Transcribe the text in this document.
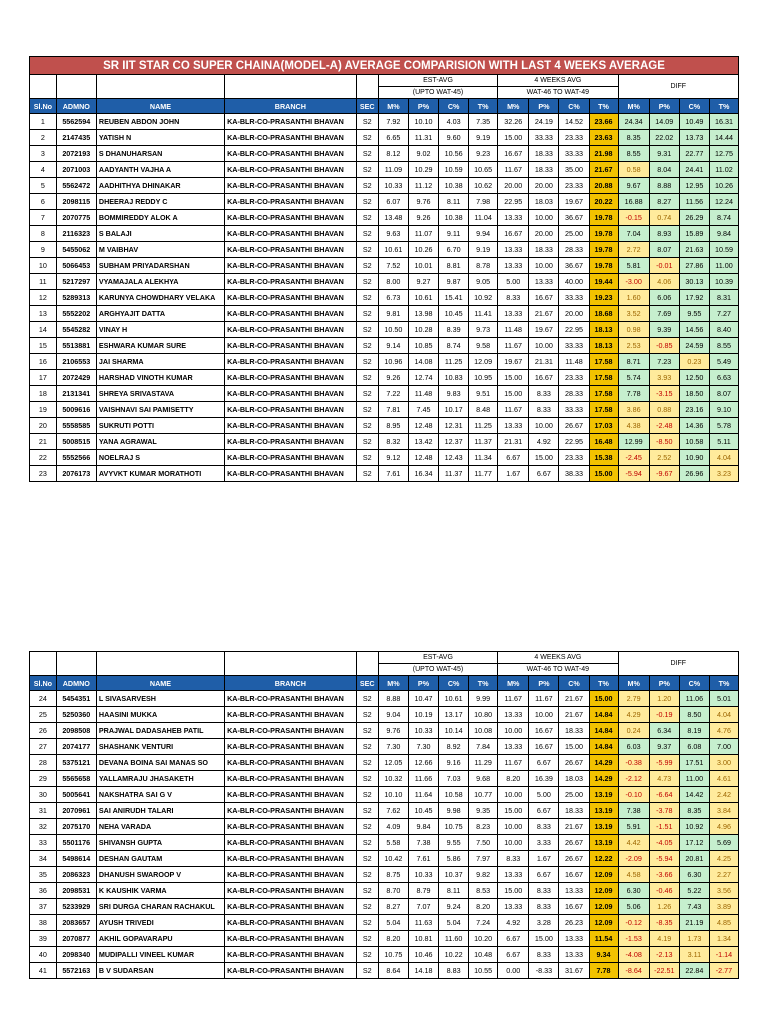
SR IIT STAR CO SUPER CHAINA(MODEL-A) AVERAGE COMPARISION WITH LAST 4 WEEKS AVERAGE
					EST-AVG				4 WEEKS AVG				DIFF			
					(UPTO WAT-45)				WAT-46 TO WAT-49							
Sl.No	ADMNO	NAME	BRANCH	SEC	M%	P%	C%	T%	M%	P%	C%	T%	M%	P%	C%	T%
1	5562594	REUBEN ABDON JOHN	KA-BLR-CO-PRASANTHI BHAVAN	S2	7.92	10.10	4.03	7.35	32.26	24.19	14.52	23.66	24.34	14.09	10.49	16.31
2	2147435	YATISH N	KA-BLR-CO-PRASANTHI BHAVAN	S2	6.65	11.31	9.60	9.19	15.00	33.33	23.33	23.63	8.35	22.02	13.73	14.44
3	2072193	S DHANUHARSAN	KA-BLR-CO-PRASANTHI BHAVAN	S2	8.12	9.02	10.56	9.23	16.67	18.33	33.33	21.98	8.55	9.31	22.77	12.75
4	2071003	AADYANTH VAJHA A	KA-BLR-CO-PRASANTHI BHAVAN	S2	11.09	10.29	10.59	10.65	11.67	18.33	35.00	21.67	0.58	8.04	24.41	11.02
5	5562472	AADHITHYA DHINAKAR	KA-BLR-CO-PRASANTHI BHAVAN	S2	10.33	11.12	10.38	10.62	20.00	20.00	23.33	20.88	9.67	8.88	12.95	10.26
6	2098115	DHEERAJ REDDY C	KA-BLR-CO-PRASANTHI BHAVAN	S2	6.07	9.76	8.11	7.98	22.95	18.03	19.67	20.22	16.88	8.27	11.56	12.24
7	2070775	BOMMIREDDY ALOK A	KA-BLR-CO-PRASANTHI BHAVAN	S2	13.48	9.26	10.38	11.04	13.33	10.00	36.67	19.78	-0.15	0.74	26.29	8.74
8	2116323	S BALAJI	KA-BLR-CO-PRASANTHI BHAVAN	S2	9.63	11.07	9.11	9.94	16.67	20.00	25.00	19.78	7.04	8.93	15.89	9.84
9	5455062	M VAIBHAV	KA-BLR-CO-PRASANTHI BHAVAN	S2	10.61	10.26	6.70	9.19	13.33	18.33	28.33	19.78	2.72	8.07	21.63	10.59
10	5066453	SUBHAM PRIYADARSHAN	KA-BLR-CO-PRASANTHI BHAVAN	S2	7.52	10.01	8.81	8.78	13.33	10.00	36.67	19.78	5.81	-0.01	27.86	11.00
11	5217297	VYAMAJALA ALEKHYA	KA-BLR-CO-PRASANTHI BHAVAN	S2	8.00	9.27	9.87	9.05	5.00	13.33	40.00	19.44	-3.00	4.06	30.13	10.39
12	5289313	KARUNYA CHOWDHARY VELAKA	KA-BLR-CO-PRASANTHI BHAVAN	S2	6.73	10.61	15.41	10.92	8.33	16.67	33.33	19.23	1.60	6.06	17.92	8.31
13	5552202	ARGHYAJIT DATTA	KA-BLR-CO-PRASANTHI BHAVAN	S2	9.81	13.98	10.45	11.41	13.33	21.67	20.00	18.68	3.52	7.69	9.55	7.27
14	5545282	VINAY H	KA-BLR-CO-PRASANTHI BHAVAN	S2	10.50	10.28	8.39	9.73	11.48	19.67	22.95	18.13	0.98	9.39	14.56	8.40
15	5513881	ESHWARA KUMAR SURE	KA-BLR-CO-PRASANTHI BHAVAN	S2	9.14	10.85	8.74	9.58	11.67	10.00	33.33	18.13	2.53	-0.85	24.59	8.55
16	2106553	JAI SHARMA	KA-BLR-CO-PRASANTHI BHAVAN	S2	10.96	14.08	11.25	12.09	19.67	21.31	11.48	17.58	8.71	7.23	0.23	5.49
17	2072429	HARSHAD VINOTH KUMAR	KA-BLR-CO-PRASANTHI BHAVAN	S2	9.26	12.74	10.83	10.95	15.00	16.67	23.33	17.58	5.74	3.93	12.50	6.63
18	2131341	SHREYA SRIVASTAVA	KA-BLR-CO-PRASANTHI BHAVAN	S2	7.22	11.48	9.83	9.51	15.00	8.33	28.33	17.58	7.78	-3.15	18.50	8.07
19	5009616	VAISHNAVI SAI PAMISETTY	KA-BLR-CO-PRASANTHI BHAVAN	S2	7.81	7.45	10.17	8.48	11.67	8.33	33.33	17.58	3.86	0.88	23.16	9.10
20	5558585	SUKRUTI POTTI	KA-BLR-CO-PRASANTHI BHAVAN	S2	8.95	12.48	12.31	11.25	13.33	10.00	26.67	17.03	4.38	-2.48	14.36	5.78
21	5008515	YANA AGRAWAL	KA-BLR-CO-PRASANTHI BHAVAN	S2	8.32	13.42	12.37	11.37	21.31	4.92	22.95	16.48	12.99	-8.50	10.58	5.11
22	5552566	NOELRAJ S	KA-BLR-CO-PRASANTHI BHAVAN	S2	9.12	12.48	12.43	11.34	6.67	15.00	23.33	15.38	-2.45	2.52	10.90	4.04
23	2076173	AVYVKT KUMAR MORATHOTI	KA-BLR-CO-PRASANTHI BHAVAN	S2	7.61	16.34	11.37	11.77	1.67	6.67	38.33	15.00	-5.94	-9.67	26.96	3.23
					EST-AVG				4 WEEKS AVG				DIFF			
					(UPTO WAT-45)				WAT-46 TO WAT-49							
Sl.No	ADMNO	NAME	BRANCH	SEC	M%	P%	C%	T%	M%	P%	C%	T%	M%	P%	C%	T%
24	5454351	L SIVASARVESH	KA-BLR-CO-PRASANTHI BHAVAN	S2	8.88	10.47	10.61	9.99	11.67	11.67	21.67	15.00	2.79	1.20	11.06	5.01
25	5250360	HAASINI MUKKA	KA-BLR-CO-PRASANTHI BHAVAN	S2	9.04	10.19	13.17	10.80	13.33	10.00	21.67	14.84	4.29	-0.19	8.50	4.04
26	2098508	PRAJWAL DADASAHEB PATIL	KA-BLR-CO-PRASANTHI BHAVAN	S2	9.76	10.33	10.14	10.08	10.00	16.67	18.33	14.84	0.24	6.34	8.19	4.76
27	2074177	SHASHANK VENTURI	KA-BLR-CO-PRASANTHI BHAVAN	S2	7.30	7.30	8.92	7.84	13.33	16.67	15.00	14.84	6.03	9.37	6.08	7.00
28	5375121	DEVANA BOINA SAI MANAS SO	KA-BLR-CO-PRASANTHI BHAVAN	S2	12.05	12.66	9.16	11.29	11.67	6.67	26.67	14.29	-0.38	-5.99	17.51	3.00
29	5565658	YALLAMRAJU JHASAKETH	KA-BLR-CO-PRASANTHI BHAVAN	S2	10.32	11.66	7.03	9.68	8.20	16.39	18.03	14.29	-2.12	4.73	11.00	4.61
30	5005641	NAKSHATRA SAI G V	KA-BLR-CO-PRASANTHI BHAVAN	S2	10.10	11.64	10.58	10.77	10.00	5.00	25.00	13.19	-0.10	-6.64	14.42	2.42
31	2070961	SAI ANIRUDH TALARI	KA-BLR-CO-PRASANTHI BHAVAN	S2	7.62	10.45	9.98	9.35	15.00	6.67	18.33	13.19	7.38	-3.78	8.35	3.84
32	2075170	NEHA VARADA	KA-BLR-CO-PRASANTHI BHAVAN	S2	4.09	9.84	10.75	8.23	10.00	8.33	21.67	13.19	5.91	-1.51	10.92	4.96
33	5501176	SHIVANSH GUPTA	KA-BLR-CO-PRASANTHI BHAVAN	S2	5.58	7.38	9.55	7.50	10.00	3.33	26.67	13.19	4.42	-4.05	17.12	5.69
34	5498614	DESHAN GAUTAM	KA-BLR-CO-PRASANTHI BHAVAN	S2	10.42	7.61	5.86	7.97	8.33	1.67	26.67	12.22	-2.09	-5.94	20.81	4.25
35	2086323	DHANUSH SWAROOP V	KA-BLR-CO-PRASANTHI BHAVAN	S2	8.75	10.33	10.37	9.82	13.33	6.67	16.67	12.09	4.58	-3.66	6.30	2.27
36	2098531	K KAUSHIK VARMA	KA-BLR-CO-PRASANTHI BHAVAN	S2	8.70	8.79	8.11	8.53	15.00	8.33	13.33	12.09	6.30	-0.46	5.22	3.56
37	5233929	SRI DURGA CHARAN RACHAKUL	KA-BLR-CO-PRASANTHI BHAVAN	S2	8.27	7.07	9.24	8.20	13.33	8.33	16.67	12.09	5.06	1.26	7.43	3.89
38	2083657	AYUSH TRIVEDI	KA-BLR-CO-PRASANTHI BHAVAN	S2	5.04	11.63	5.04	7.24	4.92	3.28	26.23	12.09	-0.12	-8.35	21.19	4.85
39	2070877	AKHIL GOPAVARAPU	KA-BLR-CO-PRASANTHI BHAVAN	S2	8.20	10.81	11.60	10.20	6.67	15.00	13.33	11.54	-1.53	4.19	1.73	1.34
40	2098340	MUDIPALLI VINEEL KUMAR	KA-BLR-CO-PRASANTHI BHAVAN	S2	10.75	10.46	10.22	10.48	6.67	8.33	13.33	9.34	-4.08	-2.13	3.11	-1.14
41	5572163	B V SUDARSAN	KA-BLR-CO-PRASANTHI BHAVAN	S2	8.64	14.18	8.83	10.55	0.00	-8.33	31.67	7.78	-8.64	-22.51	22.84	-2.77
